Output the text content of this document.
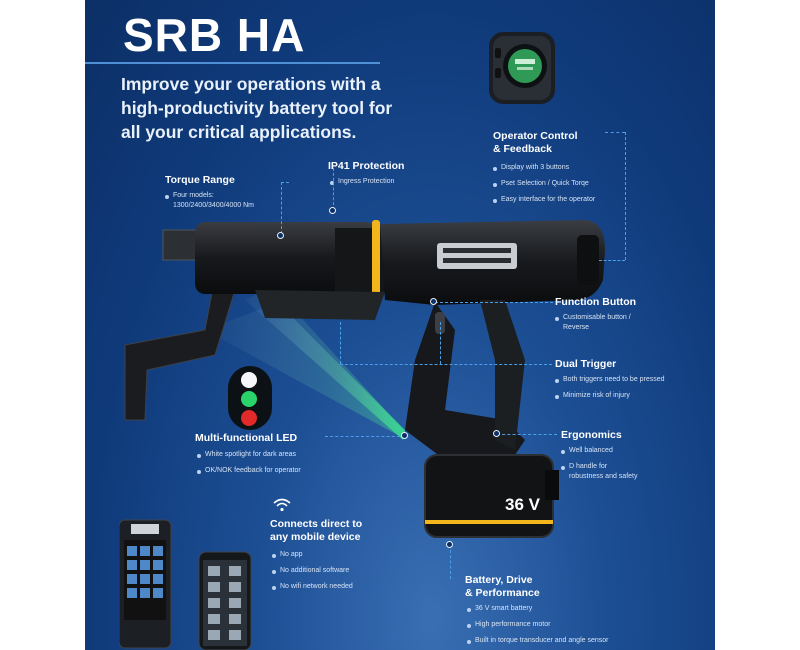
SRB HA
Improve your operations with a
high-productivity battery tool for
all your critical applications.	Operator Control
& Feedback
Display with 3 buttons
Pset Selection / Quick Torqe
Easy interface for the operator
Torque Range
Four models:
1300/2400/3400/4000 Nm
IP41 Protection
Ingress Protection
36 V
Function Button
Customisable button /
Reverse
Dual Trigger
Both triggers need to be pressed
Minimize risk of injury
Multi-functional LED
White spotlight for dark areas
OK/NOK feedback for operator
Ergonomics
Well balanced
D handle for
robustness and safety
Connects direct to
any mobile device
No app
No additional software
No wifi network needed
Battery, Drive
& Performance
36 V smart battery
High performance motor
Built in torque transducer and angle sensor
